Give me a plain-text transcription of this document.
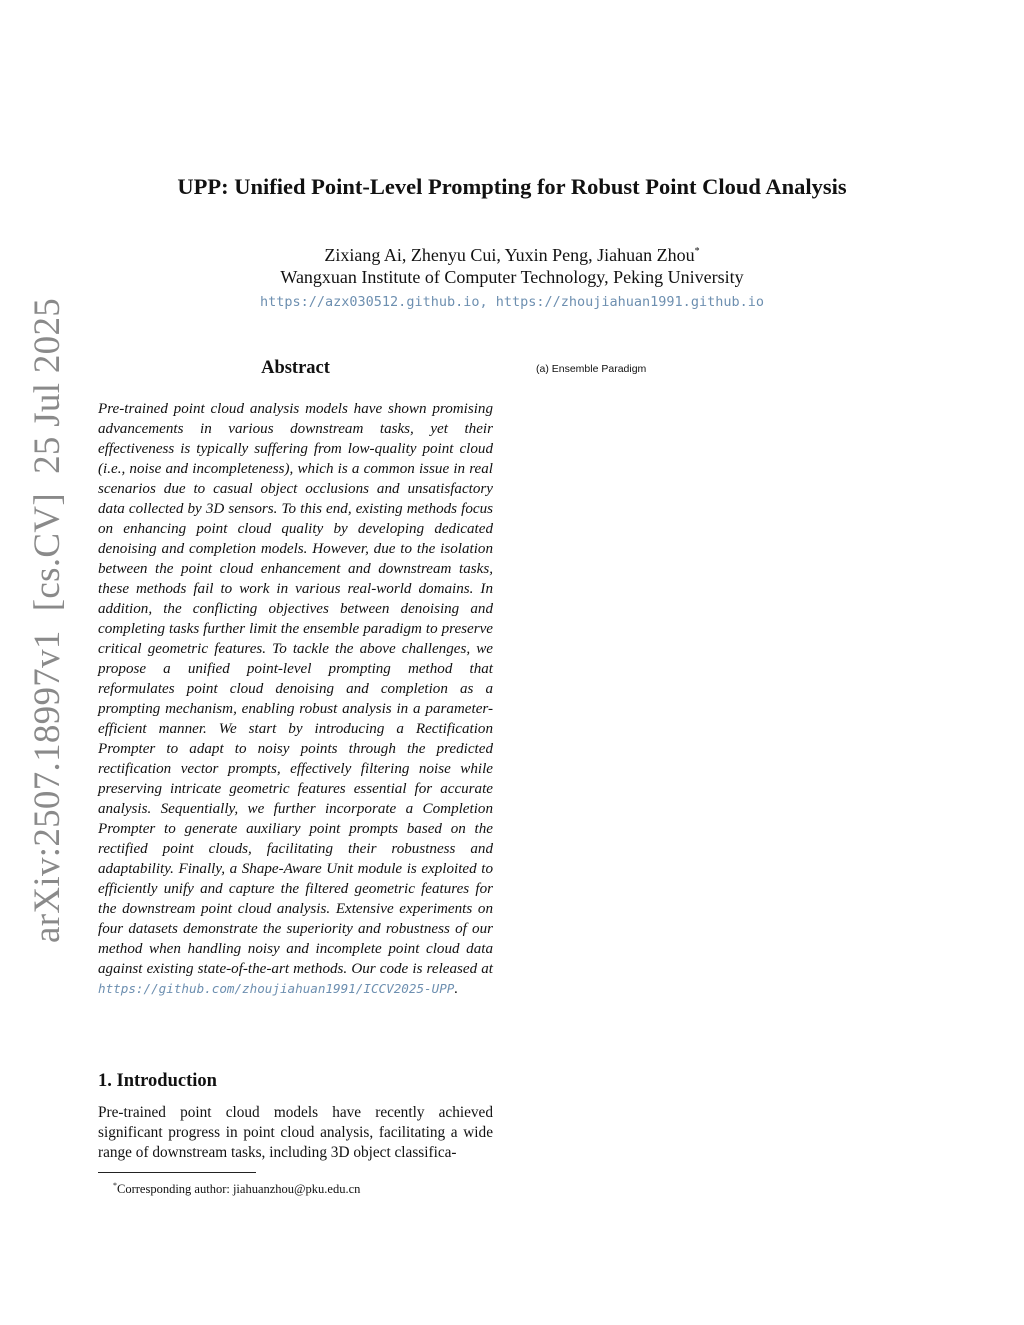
arXiv:2507.18997v1  [cs.CV]  25 Jul 2025
UPP: Unified Point-Level Prompting for Robust Point Cloud Analysis
Zixiang Ai, Zhenyu Cui, Yuxin Peng, Jiahuan Zhou*
Wangxuan Institute of Computer Technology, Peking University
https://azx030512.github.io, https://zhoujiahuan1991.github.io
Abstract
Pre-trained point cloud analysis models have shown promising advancements in various downstream tasks, yet their effectiveness is typically suffering from low-quality point cloud (i.e., noise and incompleteness), which is a common issue in real scenarios due to casual object occlusions and unsatisfactory data collected by 3D sensors. To this end, existing methods focus on enhancing point cloud quality by developing dedicated denoising and completion models. However, due to the isolation between the point cloud enhancement and downstream tasks, these methods fail to work in various real-world domains. In addition, the conflicting objectives between denoising and completing tasks further limit the ensemble paradigm to preserve critical geometric features. To tackle the above challenges, we propose a unified point-level prompting method that reformulates point cloud denoising and completion as a prompting mechanism, enabling robust analysis in a parameter-efficient manner. We start by introducing a Rectification Prompter to adapt to noisy points through the predicted rectification vector prompts, effectively filtering noise while preserving intricate geometric features essential for accurate analysis. Sequentially, we further incorporate a Completion Prompter to generate auxiliary point prompts based on the rectified point clouds, facilitating their robustness and adaptability. Finally, a Shape-Aware Unit module is exploited to efficiently unify and capture the filtered geometric features for the downstream point cloud analysis. Extensive experiments on four datasets demonstrate the superiority and robustness of our method when handling noisy and incomplete point cloud data against existing state-of-the-art methods. Our code is released at https://github.com/zhoujiahuan1991/ICCV2025-UPP.
1. Introduction
Pre-trained point cloud models have recently achieved significant progress in point cloud analysis, facilitating a wide range of downstream tasks, including 3D object classifica-
*Corresponding author: jiahuanzhou@pku.edu.cn
(a) Ensemble Paradigm
